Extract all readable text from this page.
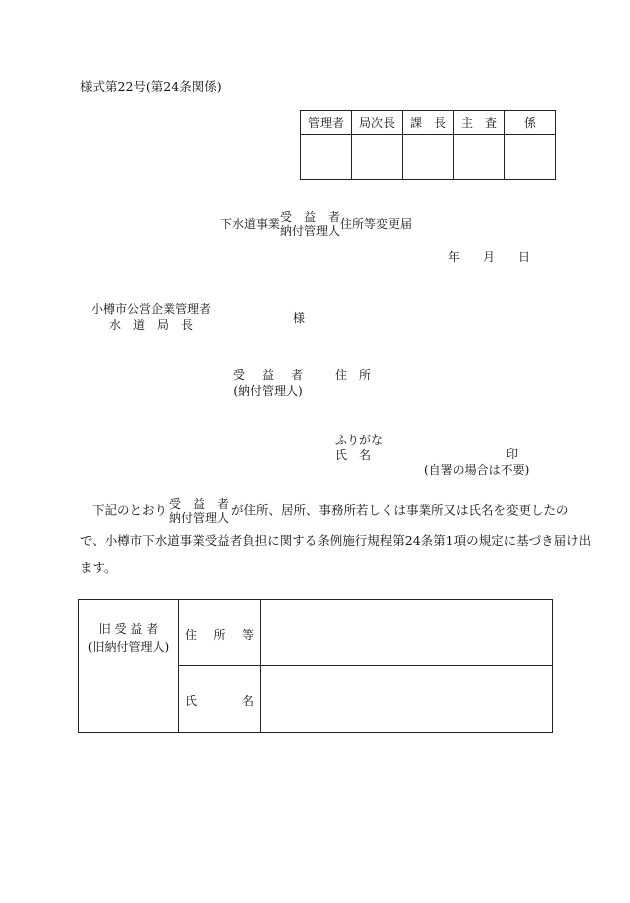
様式第22号(第24条関係)
管理者	局次長	課　長	主　査	係

下水道事業 受　益　者
納付管理人住所等変更届
年 月 日
小樽市公営企業管理者
水　道　局　長	様
受　益　者
(納付管理人)
住　所
ふりがな
氏　名	印
(自署の場合は不要)
下記のとおり 受　益　者
納付管理人が住所、居所、事務所若しくは事業所又は氏名を変更したの
で、小樽市下水道事業受益者負担に関する条例施行規程第24条第1項の規定に基づき届け出
ます。
旧 受 益 者
(旧納付管理人)	住　所　等	

	氏　　名	
